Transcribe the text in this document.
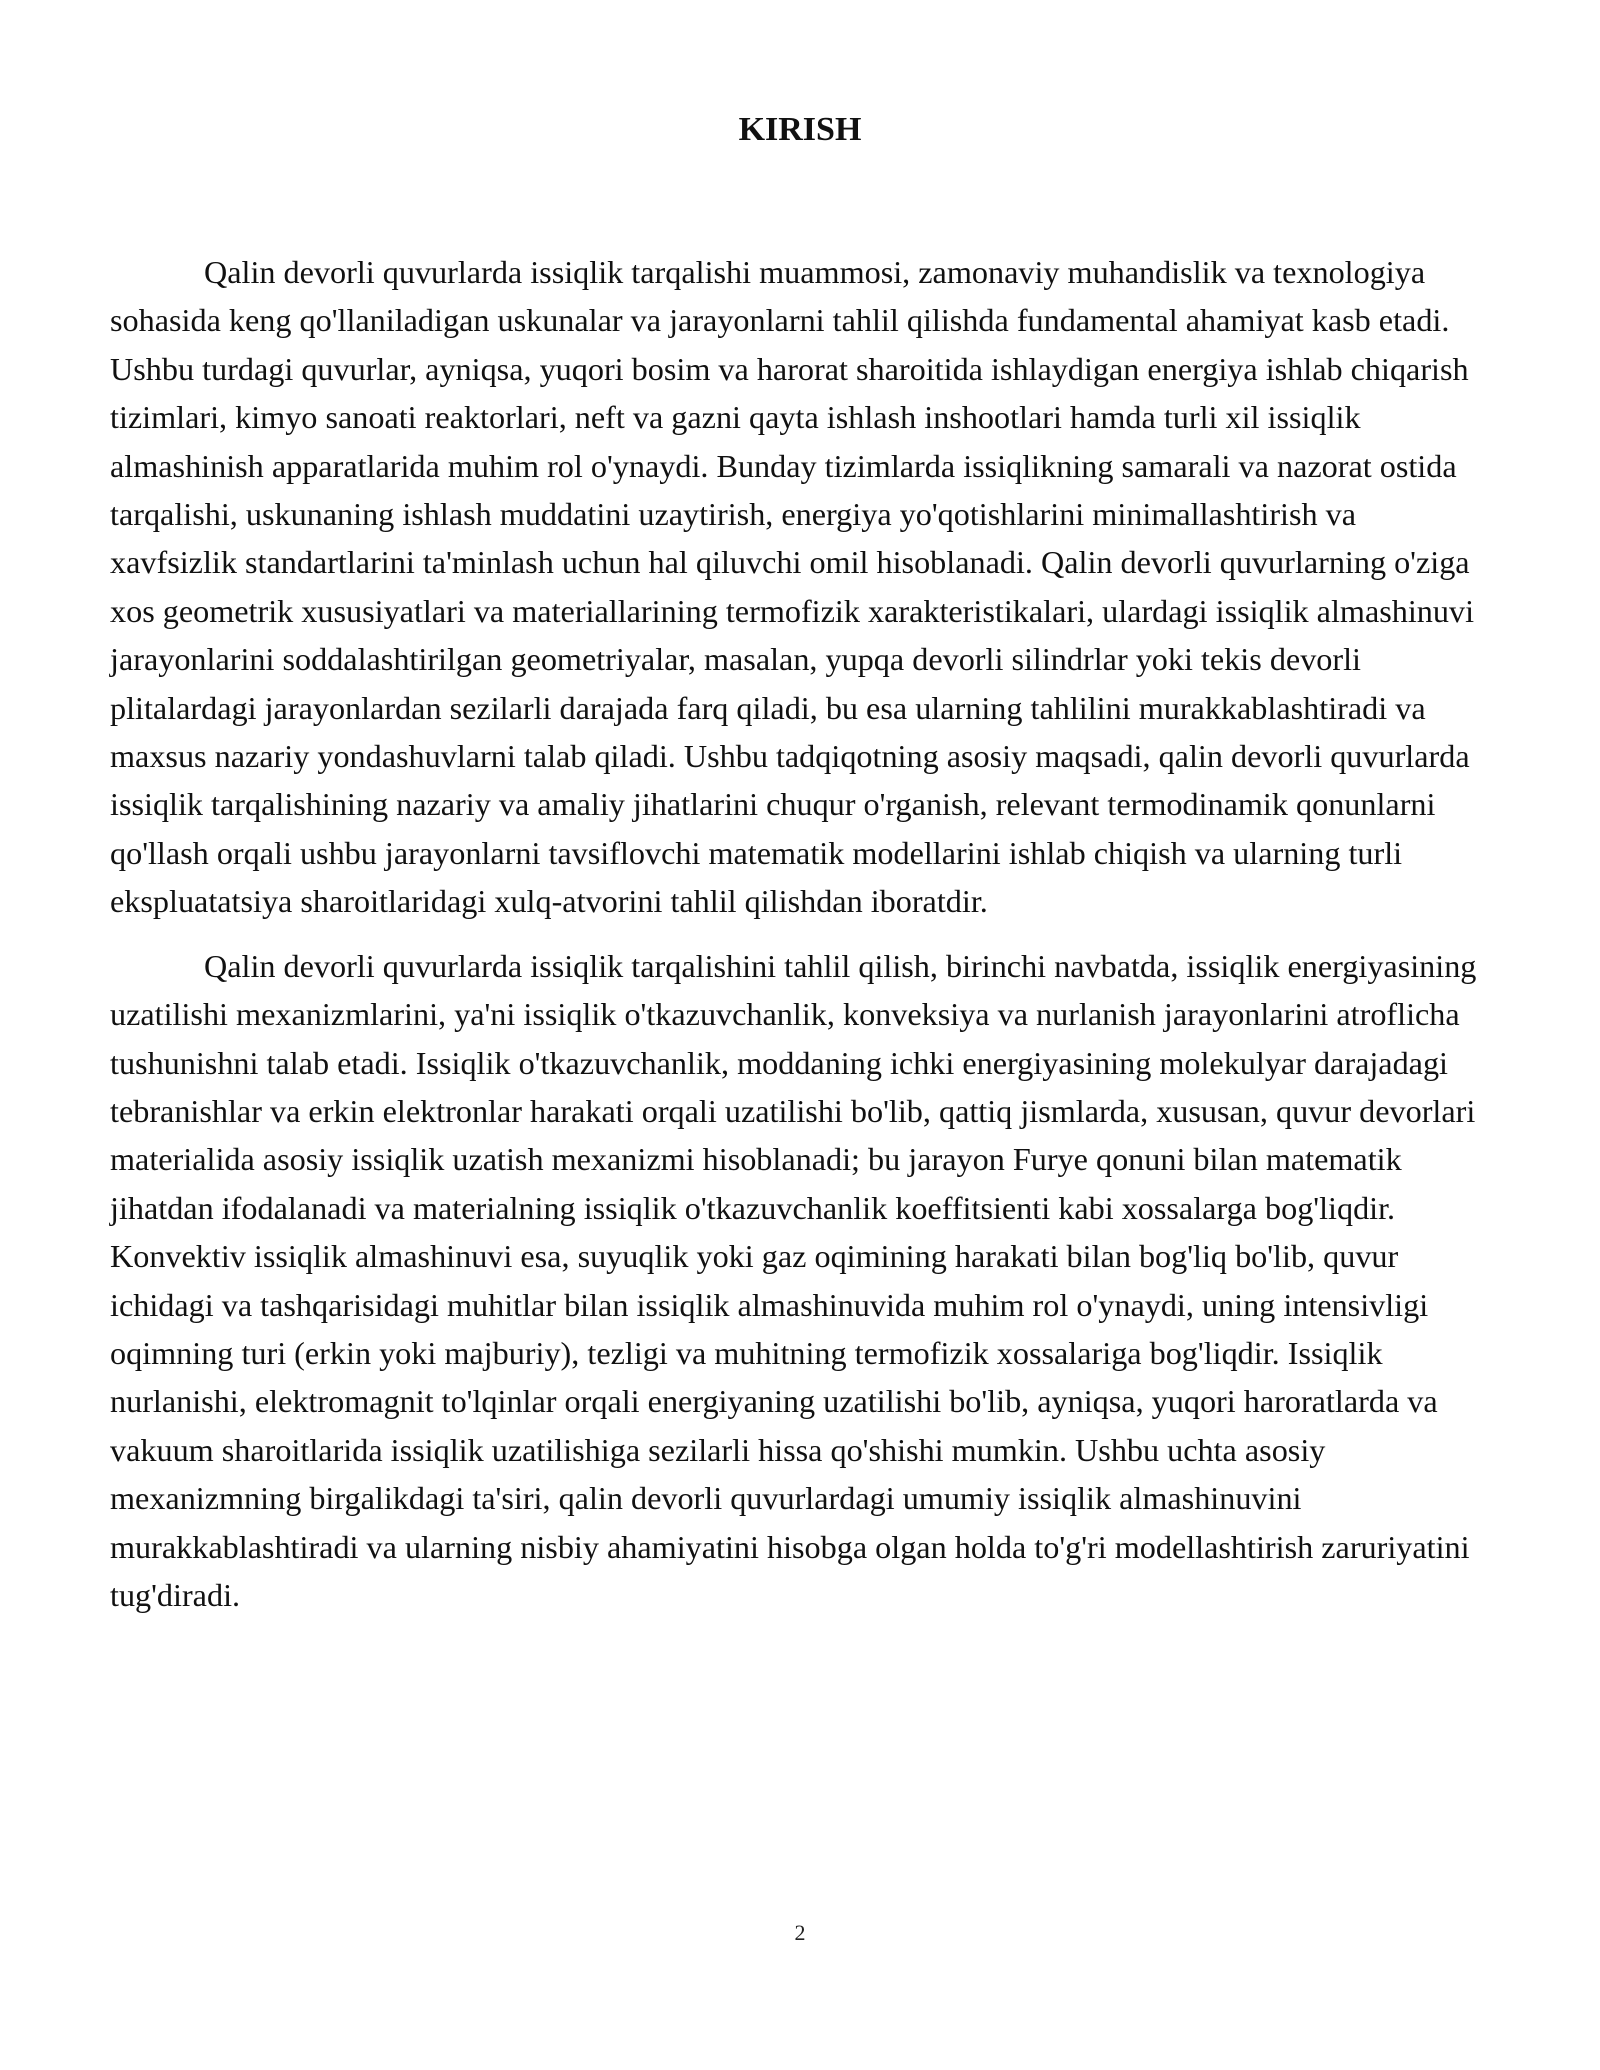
KIRISH

Qalin devorli quvurlarda issiqlik tarqalishi muammosi, zamonaviy muhandislik va texnologiya sohasida keng qo'llaniladigan uskunalar va jarayonlarni tahlil qilishda fundamental ahamiyat kasb etadi. Ushbu turdagi quvurlar, ayniqsa, yuqori bosim va harorat sharoitida ishlaydigan energiya ishlab chiqarish tizimlari, kimyo sanoati reaktorlari, neft va gazni qayta ishlash inshootlari hamda turli xil issiqlik almashinish apparatlarida muhim rol o'ynaydi. Bunday tizimlarda issiqlikning samarali va nazorat ostida tarqalishi, uskunaning ishlash muddatini uzaytirish, energiya yo'qotishlarini minimallashtirish va xavfsizlik standartlarini ta'minlash uchun hal qiluvchi omil hisoblanadi. Qalin devorli quvurlarning o'ziga xos geometrik xususiyatlari va materiallarining termofizik xarakteristikalari, ulardagi issiqlik almashinuvi jarayonlarini soddalashtirilgan geometriyalar, masalan, yupqa devorli silindrlar yoki tekis devorli plitalardagi jarayonlardan sezilarli darajada farq qiladi, bu esa ularning tahlilini murakkablashtiradi va maxsus nazariy yondashuvlarni talab qiladi. Ushbu tadqiqotning asosiy maqsadi, qalin devorli quvurlarda issiqlik tarqalishining nazariy va amaliy jihatlarini chuqur o'rganish, relevant termodinamik qonunlarni qo'llash orqali ushbu jarayonlarni tavsiflovchi matematik modellarini ishlab chiqish va ularning turli ekspluatatsiya sharoitlaridagi xulq-atvorini tahlil qilishdan iboratdir.

Qalin devorli quvurlarda issiqlik tarqalishini tahlil qilish, birinchi navbatda, issiqlik energiyasining uzatilishi mexanizmlarini, ya'ni issiqlik o'tkazuvchanlik, konveksiya va nurlanish jarayonlarini atroflicha tushunishni talab etadi. Issiqlik o'tkazuvchanlik, moddaning ichki energiyasining molekulyar darajadagi tebranishlar va erkin elektronlar harakati orqali uzatilishi bo'lib, qattiq jismlarda, xususan, quvur devorlari materialida asosiy issiqlik uzatish mexanizmi hisoblanadi; bu jarayon Furye qonuni bilan matematik jihatdan ifodalanadi va materialning issiqlik o'tkazuvchanlik koeffitsienti kabi xossalarga bog'liqdir. Konvektiv issiqlik almashinuvi esa, suyuqlik yoki gaz oqimining harakati bilan bog'liq bo'lib, quvur ichidagi va tashqarisidagi muhitlar bilan issiqlik almashinuvida muhim rol o'ynaydi, uning intensivligi oqimning turi (erkin yoki majburiy), tezligi va muhitning termofizik xossalariga bog'liqdir. Issiqlik nurlanishi, elektromagnit to'lqinlar orqali energiyaning uzatilishi bo'lib, ayniqsa, yuqori haroratlarda va vakuum sharoitlarida issiqlik uzatilishiga sezilarli hissa qo'shishi mumkin. Ushbu uchta asosiy mexanizmning birgalikdagi ta'siri, qalin devorli quvurlardagi umumiy issiqlik almashinuvini murakkablashtiradi va ularning nisbiy ahamiyatini hisobga olgan holda to'g'ri modellashtirish zaruriyatini tug'diradi.

2
